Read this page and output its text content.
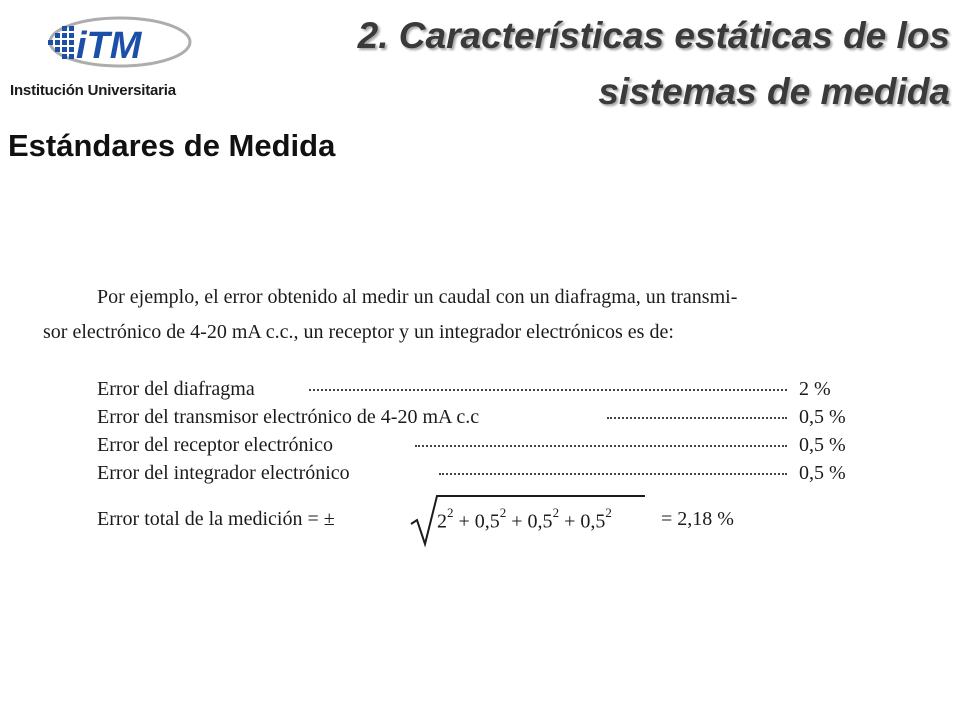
iTM
Institución Universitaria
2. Características estáticas de los
sistemas de medida
Estándares de Medida
Por ejemplo, el error obtenido al medir un caudal con un diafragma, un transmi-
sor electrónico de 4-20 mA c.c., un receptor y un integrador electrónicos es de:
Error del diafragma	2 %
Error del transmisor electrónico de 4-20 mA c.c	0,5 %
Error del receptor electrónico	0,5 %
Error del integrador electrónico	0,5 %
Error total de la medición = ±	$2^2 + 0,5^2 + 0,5^2 + 0,5^2 = 2,18$ %
